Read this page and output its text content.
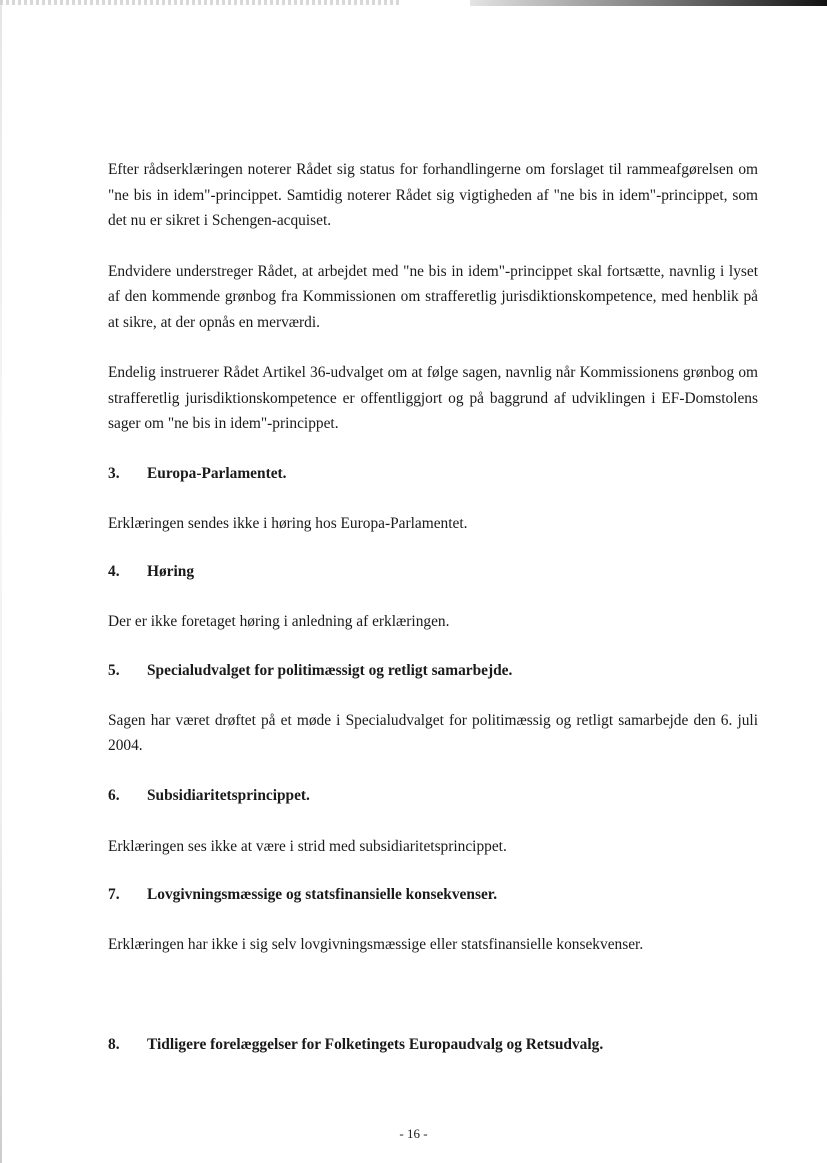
Efter rådserklæringen noterer Rådet sig status for forhandlingerne om forslaget til rammeafgørelsen om "ne bis in idem"-princippet. Samtidig noterer Rådet sig vigtigheden af "ne bis in idem"-princippet, som det nu er sikret i Schengen-acquiset.

Endvidere understreger Rådet, at arbejdet med "ne bis in idem"-princippet skal fortsætte, navnlig i lyset af den kommende grønbog fra Kommissionen om strafferetlig jurisdiktionskompetence, med henblik på at sikre, at der opnås en merværdi.

Endelig instruerer Rådet Artikel 36-udvalget om at følge sagen, navnlig når Kommissionens grønbog om strafferetlig jurisdiktionskompetence er offentliggjort og på baggrund af udviklingen i EF-Domstolens sager om "ne bis in idem"-princippet.

3.	Europa-Parlamentet.

Erklæringen sendes ikke i høring hos Europa-Parlamentet.

4.	Høring

Der er ikke foretaget høring i anledning af erklæringen.

5.	Specialudvalget for politimæssigt og retligt samarbejde.

Sagen har været drøftet på et møde i Specialudvalget for politimæssig og retligt samarbejde den 6. juli 2004.

6.	Subsidiaritetsprincippet.

Erklæringen ses ikke at være i strid med subsidiaritetsprincippet.

7.	Lovgivningsmæssige og statsfinansielle konsekvenser.

Erklæringen har ikke i sig selv lovgivningsmæssige eller statsfinansielle konsekvenser.

8.	Tidligere forelæggelser for Folketingets Europaudvalg og Retsudvalg.
- 16 -
